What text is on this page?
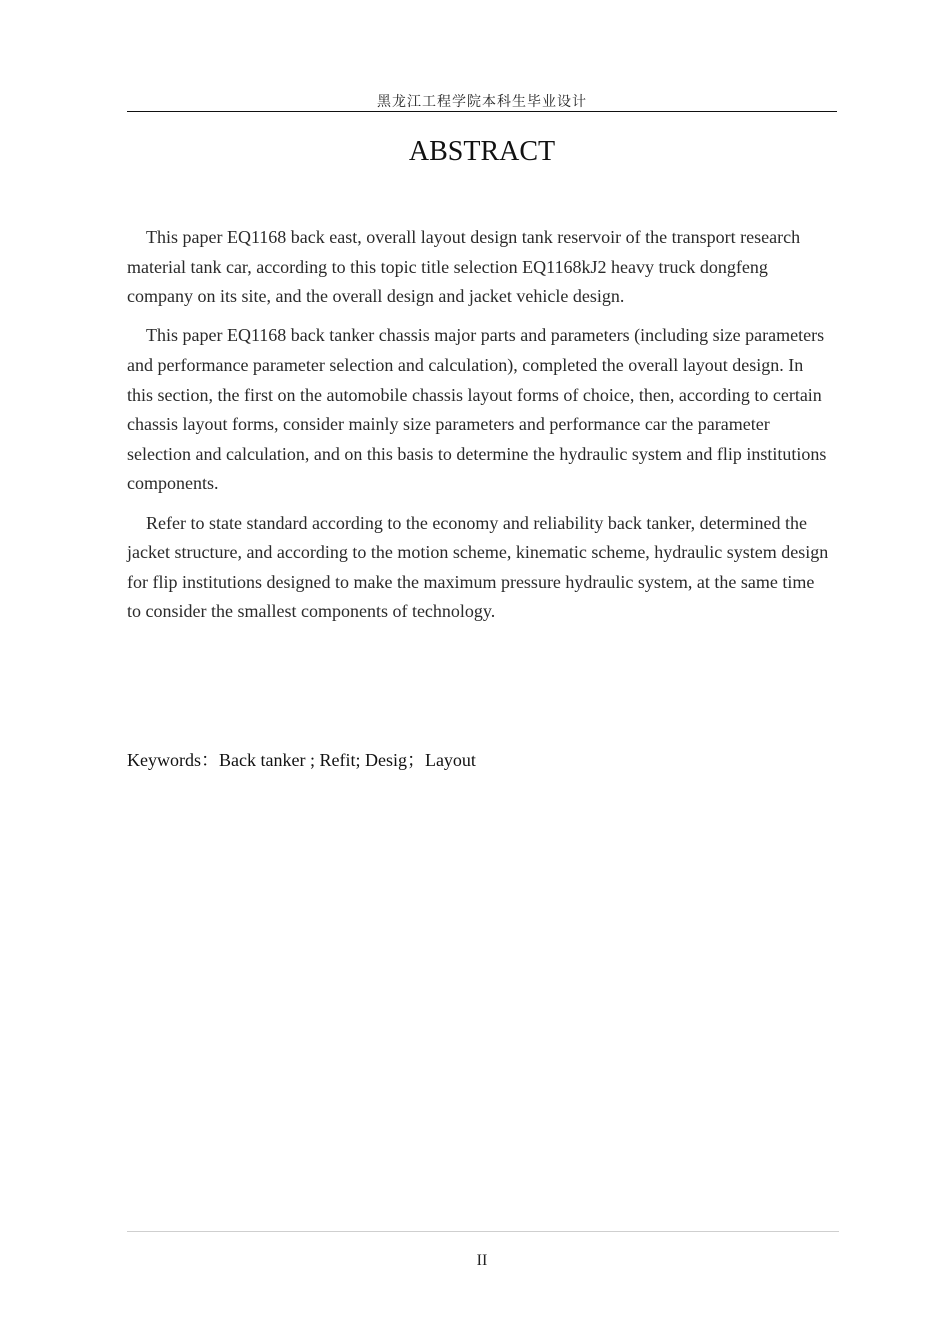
黑龙江工程学院本科生毕业设计
ABSTRACT

This paper EQ1168 back east, overall layout design tank reservoir of the transport research material tank car, according to this topic title selection EQ1168kJ2 heavy truck dongfeng company on its site, and the overall design and jacket vehicle design.

This paper EQ1168 back tanker chassis major parts and parameters (including size parameters and performance parameter selection and calculation), completed the overall layout design. In this section, the first on the automobile chassis layout forms of choice, then, according to certain chassis layout forms, consider mainly size parameters and performance car the parameter selection and calculation, and on this basis to determine the hydraulic system and flip institutions components.

Refer to state standard according to the economy and reliability back tanker, determined the jacket structure, and according to the motion scheme, kinematic scheme, hydraulic system design for flip institutions designed to make the maximum pressure hydraulic system, at the same time to consider the smallest components of technology.

Keywords：Back tanker ; Refit; Desig；Layout
II
